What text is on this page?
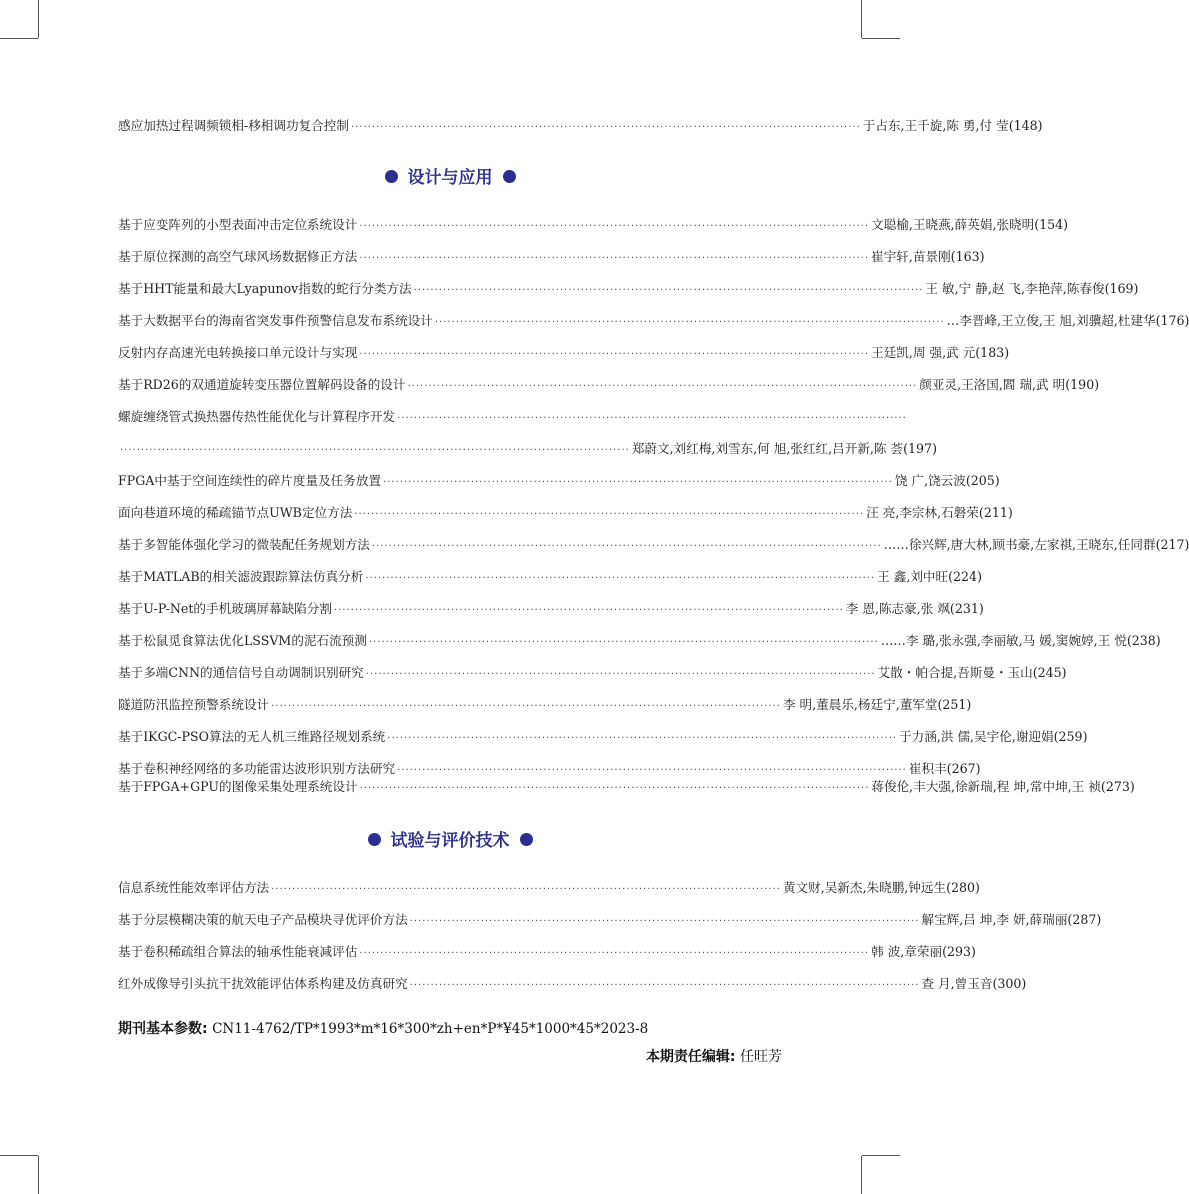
感应加热过程调频锁相-移相调功复合控制 ·························································································································· 于占东,王千旋,陈 勇,付 莹(148)
设计与应用
基于应变阵列的小型表面冲击定位系统设计 ·························································································································· 文聪榆,王晓燕,薛英娟,张晓明(154)
基于原位探测的高空气球风场数据修正方法 ·························································································································· 崔宇轩,苗景刚(163)
基于HHT能量和最大Lyapunov指数的蛇行分类方法 ·························································································································· 王 敏,宁 静,赵 飞,李艳萍,陈春俊(169)
基于大数据平台的海南省突发事件预警信息发布系统设计 ·························································································································· …李晋峰,王立俊,王 旭,刘骥超,杜建华(176)
反射内存高速光电转换接口单元设计与实现 ·························································································································· 王廷凯,周 强,武 元(183)
基于RD26的双通道旋转变压器位置解码设备的设计 ·························································································································· 颜亚灵,王洛国,閻 瑞,武 明(190)
螺旋缠绕管式换热器传热性能优化与计算程序开发 ··························································································································
·························································································································· 郑蔚文,刘红梅,刘雪东,何 旭,张红红,吕开新,陈 荟(197)
FPGA中基于空间连续性的碎片度量及任务放置 ·························································································································· 饶 广,饶云波(205)
面向巷道环境的稀疏锚节点UWB定位方法 ·························································································································· 汪 亮,李宗林,石磐荣(211)
基于多智能体强化学习的微装配任务规划方法 ·························································································································· ……徐兴辉,唐大林,顾书豪,左家祺,王晓东,任同群(217)
基于MATLAB的相关滤波跟踪算法仿真分析 ·························································································································· 王 鑫,刘中旺(224)
基于U-P-Net的手机玻璃屏幕缺陷分割 ·························································································································· 李 恩,陈志豪,张 飒(231)
基于松鼠觅食算法优化LSSVM的泥石流预测 ·························································································································· ……李 璐,张永强,李丽敏,马 媛,窦婉婷,王 悦(238)
基于多端CNN的通信信号自动调制识别研究 ·························································································································· 艾散・帕合提,吾斯曼・玉山(245)
隧道防汛监控预警系统设计 ·························································································································· 李 明,董晨乐,杨廷宁,董军堂(251)
基于IKGC-PSO算法的无人机三维路径规划系统 ·························································································································· 于力涵,洪 儒,吴宇伦,谢迎娟(259)
基于卷积神经网络的多功能雷达波形识别方法研究 ·························································································································· 崔积丰(267)
基于FPGA+GPU的图像采集处理系统设计 ·························································································································· 蒋俊伦,丰大强,徐新瑞,程 坤,常中坤,王 祯(273)
试验与评价技术
信息系统性能效率评估方法 ·························································································································· 黄文财,吴新杰,朱晓鹏,钟远生(280)
基于分层模糊决策的航天电子产品模块寻优评价方法 ·························································································································· 解宝辉,吕 坤,李 妍,薛瑞丽(287)
基于卷积稀疏组合算法的轴承性能衰减评估 ·························································································································· 韩 波,章荣丽(293)
红外成像导引头抗干扰效能评估体系构建及仿真研究 ·························································································································· 查 月,曾玉音(300)
期刊基本参数: CN11-4762/TP*1993*m*16*300*zh+en*P*¥45*1000*45*2023-8
本期责任编辑: 任旺芳
